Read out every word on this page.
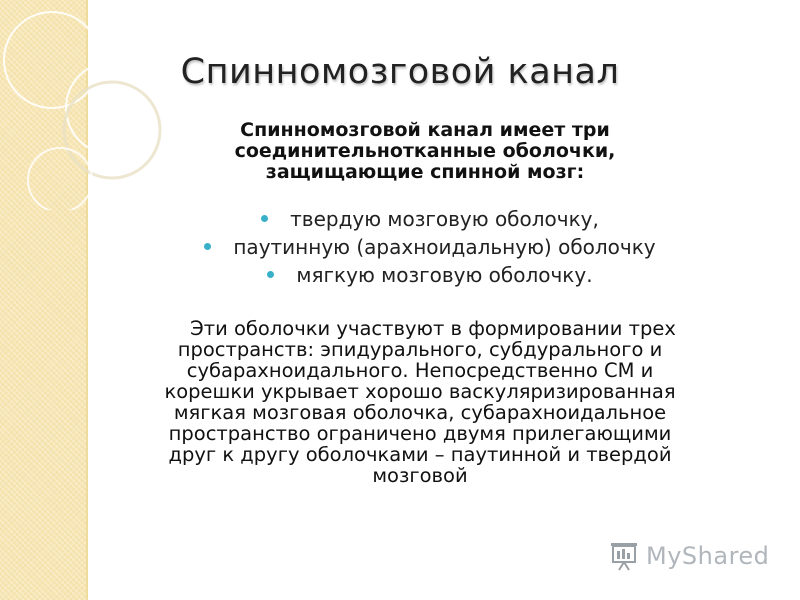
Спинномозговой канал

Спинномозговой канал имеет три соединительнотканные оболочки, защищающие спинной мозг:

твердую мозговую оболочку,
паутинную (арахноидальную) оболочку
мягкую мозговую оболочку.

Эти оболочки участвуют в формировании трех пространств: эпидурального, субдурального и субарахноидального. Непосредственно СМ и корешки укрывает хорошо васкуляризированная мягкая мозговая оболочка, субарахноидальное пространство ограничено двумя прилегающими друг к другу оболочками – паутинной и твердой мозговой

MyShared
